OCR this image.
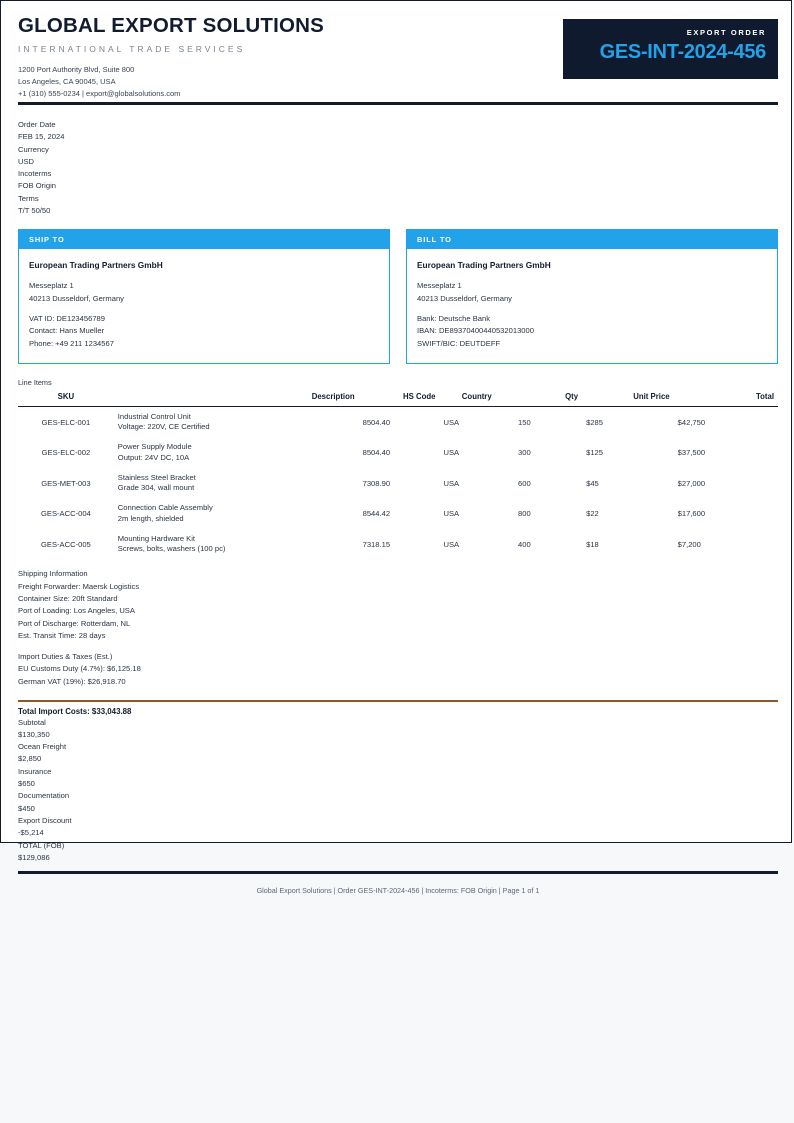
GLOBAL EXPORT SOLUTIONS
INTERNATIONAL TRADE SERVICES
1200 Port Authority Blvd, Suite 800
Los Angeles, CA 90045, USA
+1 (310) 555-0234 | export@globalsolutions.com
EXPORT ORDER
GES-INT-2024-456
Order Date
FEB 15, 2024
Currency
USD
Incoterms
FOB Origin
Terms
T/T 50/50
SHIP TO
European Trading Partners GmbH
Messeplatz 1
40213 Dusseldorf, Germany
VAT ID: DE123456789
Contact: Hans Mueller
Phone: +49 211 1234567
BILL TO
European Trading Partners GmbH
Messeplatz 1
40213 Dusseldorf, Germany
Bank: Deutsche Bank
IBAN: DE89370400440532013000
SWIFT/BIC: DEUTDEFF
Line Items
SKU	Description	HS Code	Country	Qty	Unit Price	Total
GES-ELC-001	Industrial Control Unit
Voltage: 220V, CE Certified	8504.40	USA	150	$285	$42,750
GES-ELC-002	Power Supply Module
Output: 24V DC, 10A	8504.40	USA	300	$125	$37,500
GES-MET-003	Stainless Steel Bracket
Grade 304, wall mount	7308.90	USA	600	$45	$27,000
GES-ACC-004	Connection Cable Assembly
2m length, shielded	8544.42	USA	800	$22	$17,600
GES-ACC-005	Mounting Hardware Kit
Screws, bolts, washers (100 pc)	7318.15	USA	400	$18	$7,200
Shipping Information
Freight Forwarder: Maersk Logistics
Container Size: 20ft Standard
Port of Loading: Los Angeles, USA
Port of Discharge: Rotterdam, NL
Est. Transit Time: 28 days
Import Duties & Taxes (Est.)
EU Customs Duty (4.7%): $6,125.18
German VAT (19%): $26,918.70
Total Import Costs: $33,043.88
Subtotal
$130,350
Ocean Freight
$2,850
Insurance
$650
Documentation
$450
Export Discount
-$5,214
TOTAL (FOB)
$129,086
Global Export Solutions | Order GES-INT-2024-456 | Incoterms: FOB Origin | Page 1 of 1
